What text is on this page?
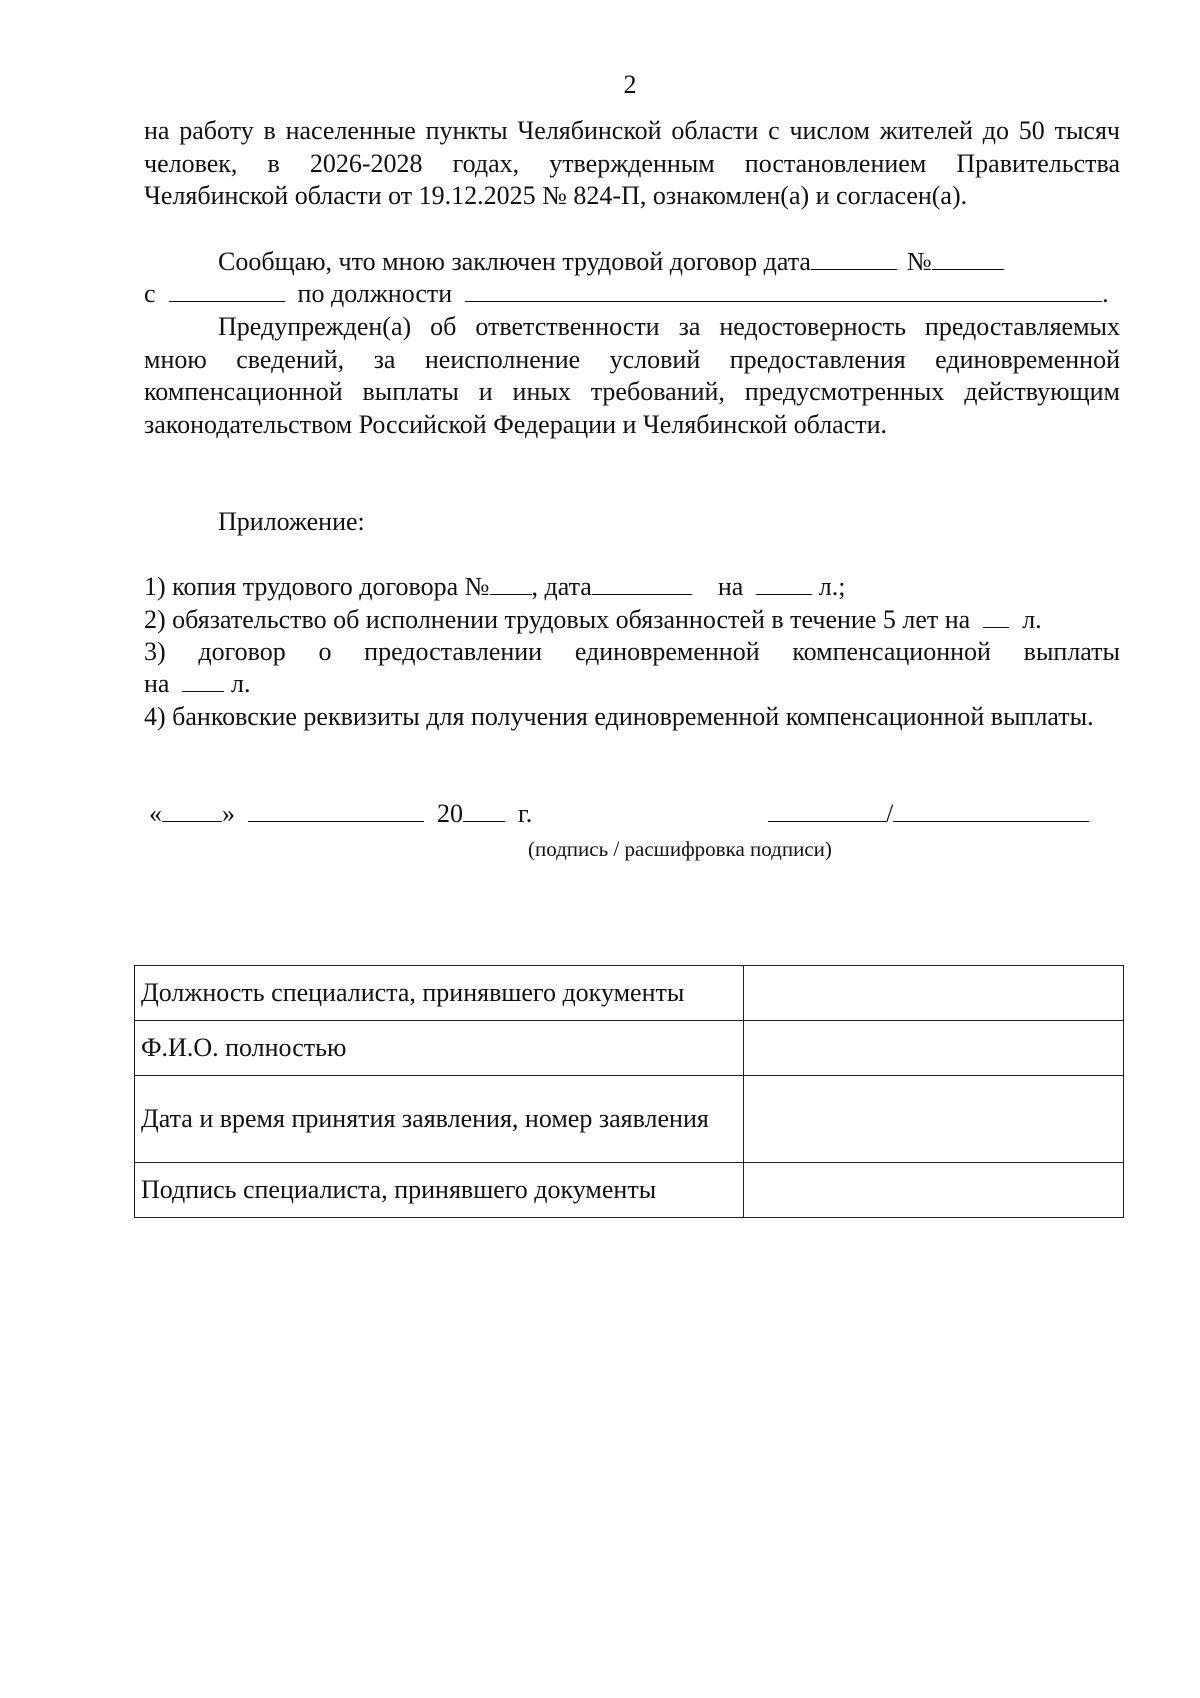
2
на работу в населенные пункты Челябинской области с числом жителей до 50 тысяч человек, в 2026-2028 годах, утвержденным постановлением Правительства Челябинской области от 19.12.2025 № 824-П, ознакомлен(а) и согласен(а).
Сообщаю, что мною заключен трудовой договор дата	№
с	по должности	.
Предупрежден(а) об ответственности за недостоверность предоставляемых мною сведений, за неисполнение условий предоставления единовременной компенсационной выплаты и иных требований, предусмотренных действующим законодательством Российской Федерации и Челябинской области.
Приложение:
1) копия трудового договора № , дата	на	л.;
2) обязательство об исполнении трудовых обязанностей в течение 5 лет на л.
3) договор о предоставлении единовременной компенсационной выплаты
на л.
4) банковские реквизиты для получения единовременной компенсационной выплаты.
« »	20 г.	/
(подпись / расшифровка подписи)
Должность специалиста, принявшего документы	
Ф.И.О. полностью	
Дата и время принятия заявления, номер заявления	
Подпись специалиста, принявшего документы	
